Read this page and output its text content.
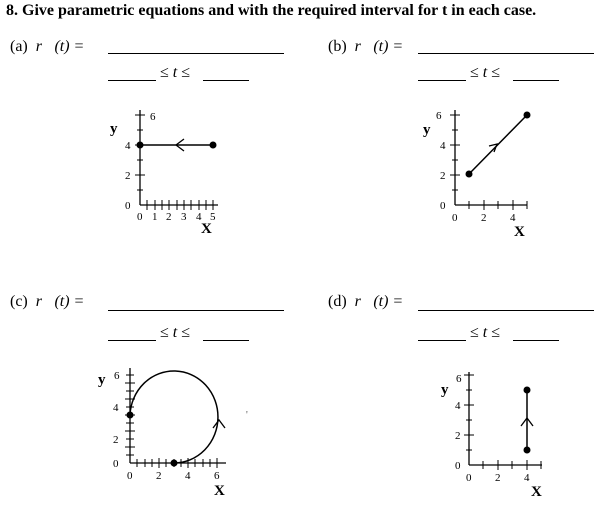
8. Give parametric equations and with the required interval for t in each case.
(a) r⃗(t) =
≤ t ≤
(b) r⃗(t) =
≤ t ≤
(c) r⃗(t) =
≤ t ≤
(d) r⃗(t) =
≤ t ≤
6
4
2
0
0 1 2 3 4 5
y
X
6
4
2
0
0 2 4
y
X
6
4
2
0
0 2 4 6
y
X
'
6
4
2
0
0 2 4
y
X
